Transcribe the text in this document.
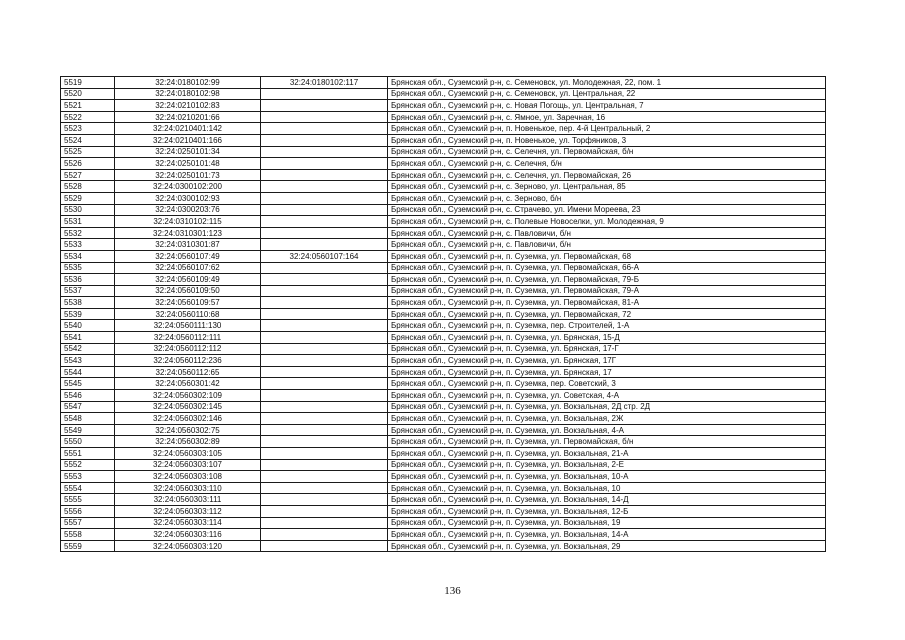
5519	32:24:0180102:99	32:24:0180102:117	Брянская обл., Суземский р-н, с. Семеновск, ул. Молодежная, 22, пом. 1
5520	32:24:0180102:98		Брянская обл., Суземский р-н, с. Семеновск, ул. Центральная, 22
5521	32:24:0210102:83		Брянская обл., Суземский р-н, с. Новая Погощь, ул. Центральная, 7
5522	32:24:0210201:66		Брянская обл., Суземский р-н, с. Ямное, ул. Заречная, 16
5523	32:24:0210401:142		Брянская обл., Суземский р-н, п. Новенькое, пер. 4-й Центральный, 2
5524	32:24:0210401:166		Брянская обл., Суземский р-н, п. Новенькое, ул. Торфяников, 3
5525	32:24:0250101:34		Брянская обл., Суземский р-н, с. Селечня, ул. Первомайская, б/н
5526	32:24:0250101:48		Брянская обл., Суземский р-н, с. Селечня, б/н
5527	32:24:0250101:73		Брянская обл., Суземский р-н, с. Селечня, ул. Первомайская, 26
5528	32:24:0300102:200		Брянская обл., Суземский р-н, с. Зерново, ул. Центральная, 85
5529	32:24:0300102:93		Брянская обл., Суземский р-н, с. Зерново, б/н
5530	32:24:0300203:76		Брянская обл., Суземский р-н, с. Страчево, ул. Имени Мореева, 23
5531	32:24:0310102:115		Брянская обл., Суземский р-н, с. Полевые Новоселки, ул. Молодежная, 9
5532	32:24:0310301:123		Брянская обл., Суземский р-н, с. Павловичи, б/н
5533	32:24:0310301:87		Брянская обл., Суземский р-н, с. Павловичи, б/н
5534	32:24:0560107:49	32:24:0560107:164	Брянская обл., Суземский р-н, п. Суземка, ул. Первомайская, 68
5535	32:24:0560107:62		Брянская обл., Суземский р-н, п. Суземка, ул. Первомайская, 66-А
5536	32:24:0560109:49		Брянская обл., Суземский р-н, п. Суземка, ул. Первомайская, 79-Б
5537	32:24:0560109:50		Брянская обл., Суземский р-н, п. Суземка, ул. Первомайская, 79-А
5538	32:24:0560109:57		Брянская обл., Суземский р-н, п. Суземка, ул. Первомайская, 81-А
5539	32:24:0560110:68		Брянская обл., Суземский р-н, п. Суземка, ул. Первомайская, 72
5540	32:24:0560111:130		Брянская обл., Суземский р-н, п. Суземка, пер. Строителей, 1-А
5541	32:24:0560112:111		Брянская обл., Суземский р-н, п. Суземка, ул. Брянская, 15-Д
5542	32:24:0560112:112		Брянская обл., Суземский р-н, п. Суземка, ул. Брянская, 17-Г
5543	32:24:0560112:236		Брянская обл., Суземский р-н, п. Суземка, ул. Брянская, 17Г
5544	32:24:0560112:65		Брянская обл., Суземский р-н, п. Суземка, ул. Брянская, 17
5545	32:24:0560301:42		Брянская обл., Суземский р-н, п. Суземка, пер. Советский, 3
5546	32:24:0560302:109		Брянская обл., Суземский р-н, п. Суземка, ул. Советская, 4-А
5547	32:24:0560302:145		Брянская обл., Суземский р-н, п. Суземка, ул. Вокзальная, 2Д стр. 2Д
5548	32:24:0560302:146		Брянская обл., Суземский р-н, п. Суземка, ул. Вокзальная, 2Ж
5549	32:24:0560302:75		Брянская обл., Суземский р-н, п. Суземка, ул. Вокзальная, 4-А
5550	32:24:0560302:89		Брянская обл., Суземский р-н, п. Суземка, ул. Первомайская, б/н
5551	32:24:0560303:105		Брянская обл., Суземский р-н, п. Суземка, ул. Вокзальная, 21-А
5552	32:24:0560303:107		Брянская обл., Суземский р-н, п. Суземка, ул. Вокзальная, 2-Е
5553	32:24:0560303:108		Брянская обл., Суземский р-н, п. Суземка, ул. Вокзальная, 10-А
5554	32:24:0560303:110		Брянская обл., Суземский р-н, п. Суземка, ул. Вокзальная, 10
5555	32:24:0560303:111		Брянская обл., Суземский р-н, п. Суземка, ул. Вокзальная, 14-Д
5556	32:24:0560303:112		Брянская обл., Суземский р-н, п. Суземка, ул. Вокзальная, 12-Б
5557	32:24:0560303:114		Брянская обл., Суземский р-н, п. Суземка, ул. Вокзальная, 19
5558	32:24:0560303:116		Брянская обл., Суземский р-н, п. Суземка, ул. Вокзальная, 14-А
5559	32:24:0560303:120		Брянская обл., Суземский р-н, п. Суземка, ул. Вокзальная, 29
136
